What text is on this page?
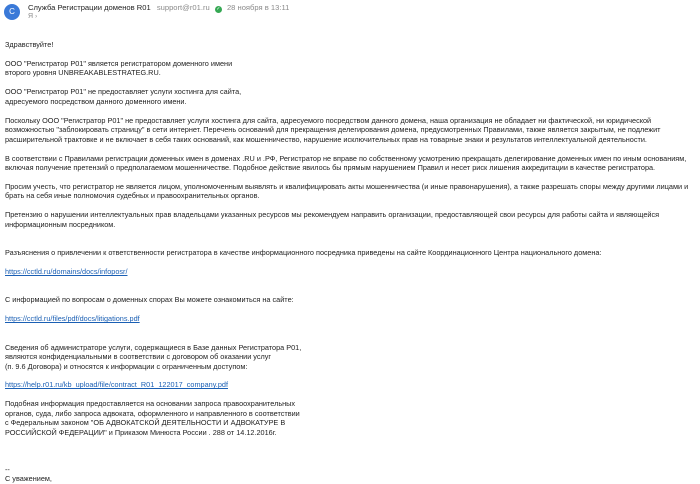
С	Служба Регистрации доменов R01 support@r01.ru ✓ 28 ноября в 13:11
Я ›
Здравствуйте!
ООО "Регистратор Р01" является регистратором доменного имени
второго уровня UNBREAKABLESTRATEG.RU.
ООО "Регистратор Р01" не предоставляет услуги хостинга для сайта,
адресуемого посредством данного доменного имени.
Поскольку ООО "Регистратор Р01" не предоставляет услуги хостинга для сайта, адресуемого посредством данного домена, наша организация не обладает ни фактической, ни юридической возможностью "заблокировать страницу" в сети интернет. Перечень оснований для прекращения делегирования домена, предусмотренных Правилами, также является закрытым, не подлежит расширительной трактовке и не включает в себя таких оснований, как мошенничество, нарушение исключительных прав на товарные знаки и результатов интеллектуальной деятельности.
В соответствии с Правилами регистрации доменных имен в доменах .RU и .РФ, Регистратор не вправе по собственному усмотрению прекращать делегирование доменных имен по иным основаниям, включая получение претензий о предполагаемом мошенничестве. Подобное действие явилось бы прямым нарушением Правил и несет риск лишения аккредитации в качестве регистратора.
Просим учесть, что регистратор не является лицом, уполномоченным выявлять и квалифицировать акты мошенничества (и иные правонарушения), а также разрешать споры между другими лицами и брать на себя иные полномочия судебных и правоохранительных органов.
Претензию о нарушении интеллектуальных прав владельцами указанных ресурсов мы рекомендуем направить организации, предоставляющей свои ресурсы для работы сайта и являющейся информационным посредником.

Разъяснения о привлечении к ответственности регистратора в качестве информационного посредника приведены на сайте Координационного Центра национального домена:

https://cctld.ru/domains/docs/infoposr/

С информацией по вопросам о доменных спорах Вы можете ознакомиться на сайте:

https://cctld.ru/files/pdf/docs/litigations.pdf

Сведения об администраторе услуги, содержащиеся в Базе данных Регистратора Р01,
являются конфиденциальными в соответствии с договором об оказании услуг
(п. 9.6 Договора) и относятся к информации с ограниченным доступом:

https://help.r01.ru/kb_upload/file/contract_R01_122017_company.pdf

Подобная информация предоставляется на основании запроса правоохранительных
органов, суда, либо запроса адвоката, оформленного и направленного в соответствии
с Федеральным законом "ОБ АДВОКАТСКОЙ ДЕЯТЕЛЬНОСТИ И АДВОКАТУРЕ В
РОССИЙСКОЙ ФЕДЕРАЦИИ" и Приказом Минюста России . 288 от 14.12.2016г.
--
С уважением,
